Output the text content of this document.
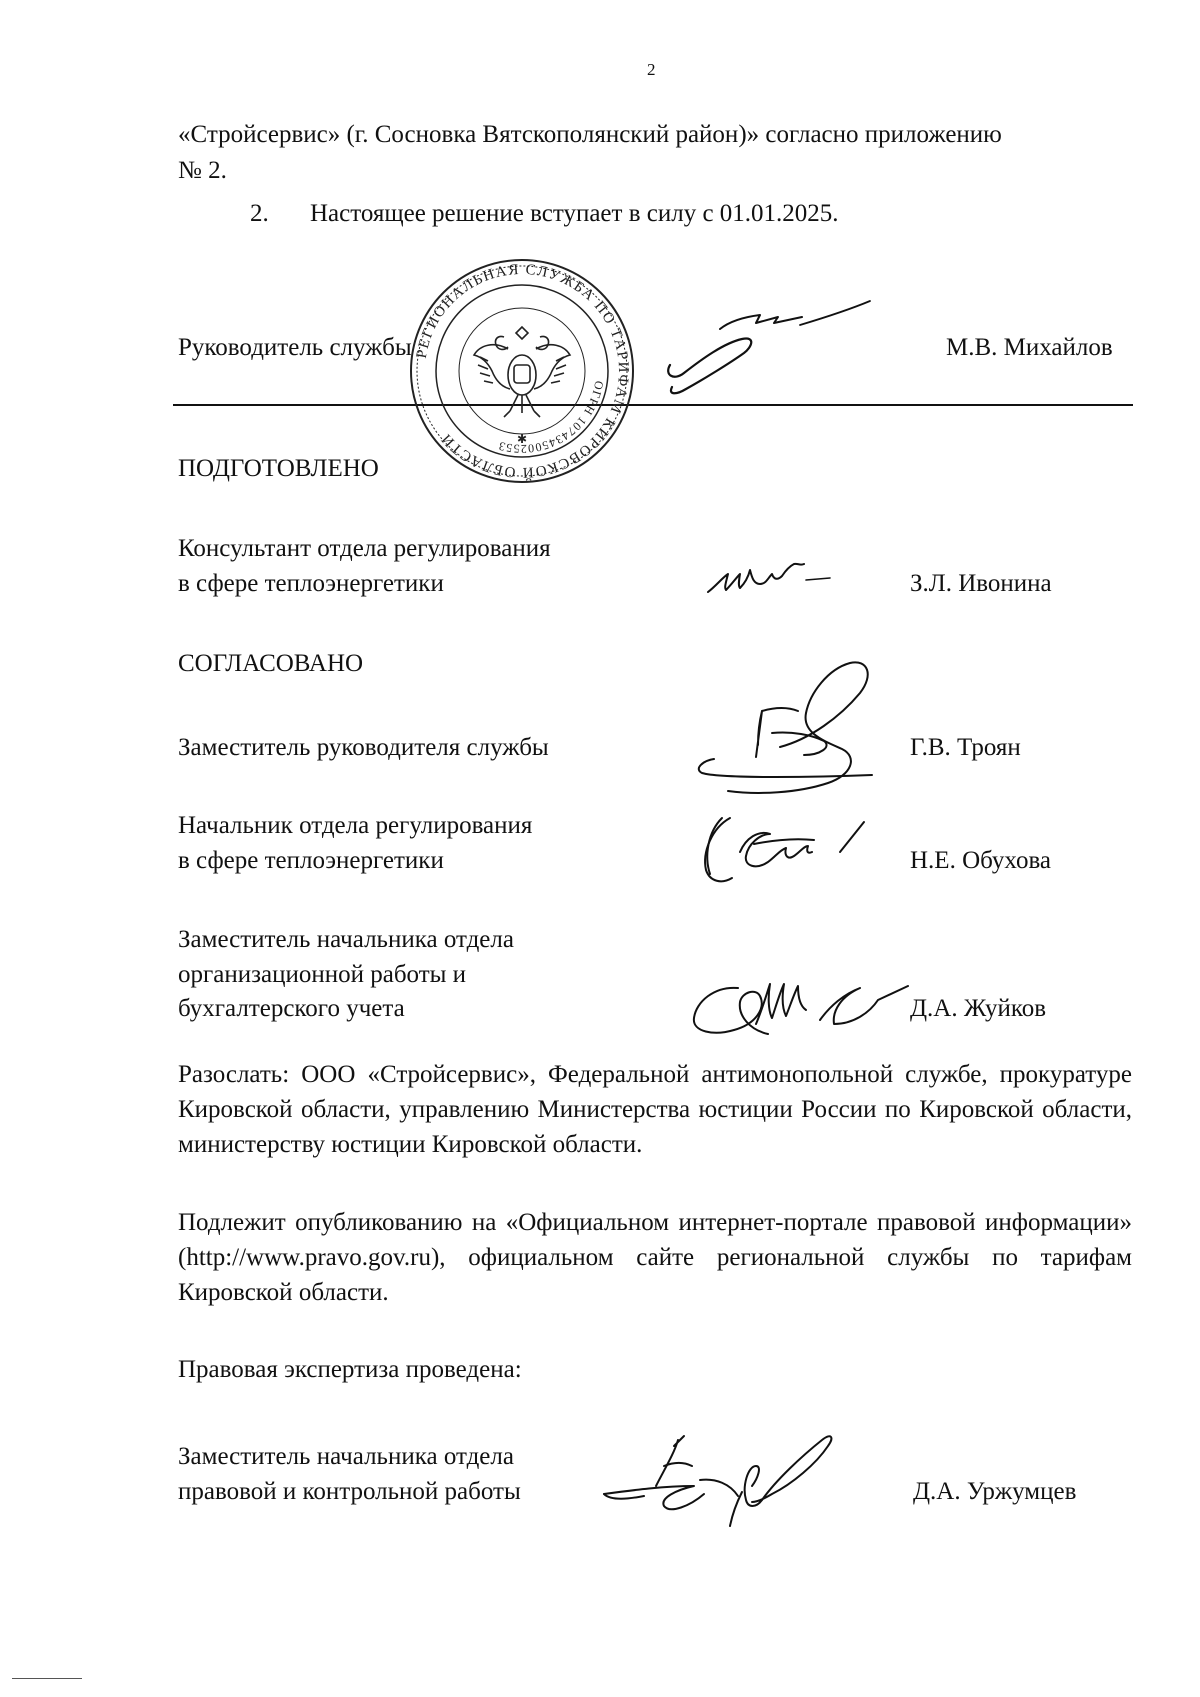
2
«Стройсервис» (г. Сосновка Вятскополянский район)» согласно приложению
№ 2.
2. Настоящее решение вступает в силу с 01.01.2025.
Руководитель службы	М.В. Михайлов
РЕГИОНАЛЬНАЯ СЛУЖБА ПО ТАРИФАМ КИРОВСКОЙ ОБЛАСТИ
ОГРН 1074345002553 ✱
ПОДГОТОВЛЕНО
Консультант отдела регулирования
в сфере теплоэнергетики	З.Л. Ивонина
СОГЛАСОВАНО
Заместитель руководителя службы	Г.В. Троян
Начальник отдела регулирования
в сфере теплоэнергетики	Н.Е. Обухова
Заместитель начальника отдела
организационной работы и
бухгалтерского учета	Д.А. Жуйков
Разослать: ООО «Стройсервис», Федеральной антимонопольной службе, прокуратуре Кировской области, управлению Министерства юстиции России по Кировской области, министерству юстиции Кировской области.
Подлежит опубликованию на «Официальном интернет-портале правовой информации» (http://www.pravo.gov.ru), официальном сайте региональной службы по тарифам Кировской области.
Правовая экспертиза проведена:
Заместитель начальника отдела
правовой и контрольной работы	Д.А. Уржумцев
